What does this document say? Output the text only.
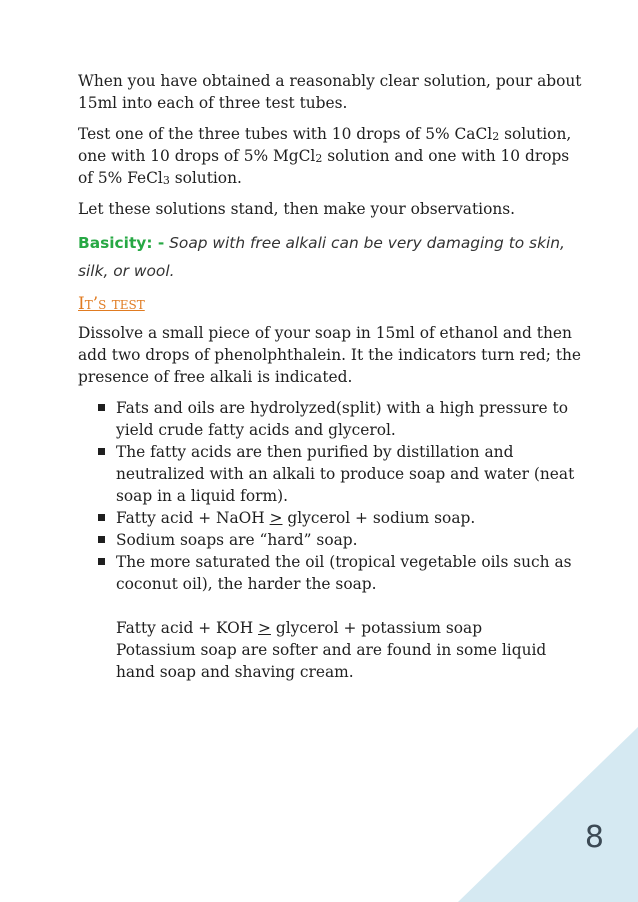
8

When you have obtained a reasonably clear solution, pour about 15ml into each of three test tubes.

Test one of the three tubes with 10 drops of 5% CaCl$_2$ solution, one with 10 drops of 5% MgCl$_2$ solution and one with 10 drops of 5% FeCl$_3$ solution.

Let these solutions stand, then make your observations.

Basicity: - Soap with free alkali can be very damaging to skin, silk, or wool.

It’s test

Dissolve a small piece of your soap in 15ml of ethanol and then add two drops of phenolphthalein. It the indicators turn red; the presence of free alkali is indicated.

Fats and oils are hydrolyzed(split) with a high pressure to yield crude fatty acids and glycerol.
The fatty acids are then purified by distillation and neutralized with an alkali to produce soap and water (neat soap in a liquid form).
Fatty acid + NaOH > glycerol + sodium soap.
Sodium soaps are “hard” soap.
The more saturated the oil (tropical vegetable oils such as coconut oil), the harder the soap.

Fatty acid + KOH > glycerol + potassium soap

Potassium soap are softer and are found in some liquid hand soap and shaving cream.
